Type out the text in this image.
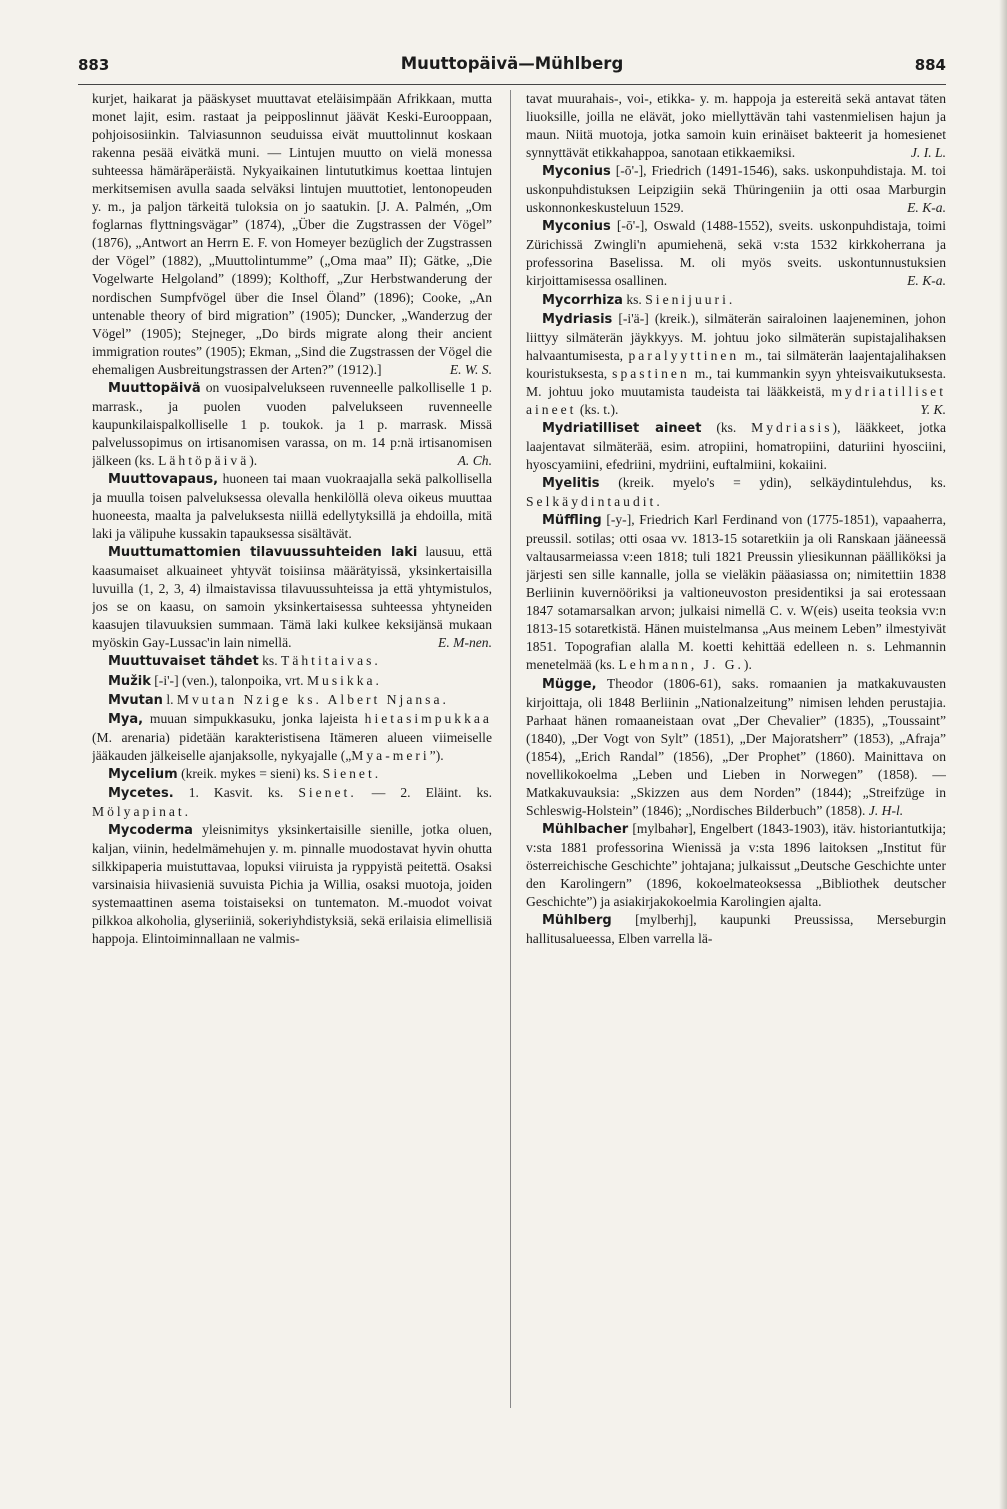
883	Muuttopäivä—Mühlberg	884

kurjet, haikarat ja pääskyset muuttavat eteläisimpään Afrikkaan, mutta monet lajit, esim. rastaat ja peipposlinnut jäävät Keski-Eurooppaan, pohjoisosiinkin. Talviasunnon seuduissa eivät muuttolinnut koskaan rakenna pesää eivätkä muni. — Lintujen muutto on vielä monessa suhteessa hämäräperäistä. Nykyaikainen lintututkimus koettaa lintujen merkitsemisen avulla saada selväksi lintujen muuttotiet, lentonopeuden y. m., ja paljon tärkeitä tuloksia on jo saatukin. [J. A. Palmén, „Om foglarnas flyttningsvägar” (1874), „Über die Zugstrassen der Vögel” (1876), „Antwort an Herrn E. F. von Homeyer bezüglich der Zugstrassen der Vögel” (1882), „Muuttolintumme” („Oma maa” II); Gätke, „Die Vogelwarte Helgoland” (1899); Kolthoff, „Zur Herbstwanderung der nordischen Sumpfvögel über die Insel Öland” (1896); Cooke, „An untenable theory of bird migration” (1905); Duncker, „Wanderzug der Vögel” (1905); Stejneger, „Do birds migrate along their ancient immigration routes” (1905); Ekman, „Sind die Zugstrassen der Vögel die ehemaligen Ausbreitungstrassen der Arten?” (1912).]	E. W. S.

Muuttopäivä on vuosipalvelukseen ruvenneelle palkolliselle 1 p. marrask., ja puolen vuoden palvelukseen ruvenneelle kaupunkilaispalkolliselle 1 p. toukok. ja 1 p. marrask. Missä palvelussopimus on irtisanomisen varassa, on m. 14 p:nä irtisanomisen jälkeen (ks. Lähtöpäivä).	A. Ch.

Muuttovapaus, huoneen tai maan vuokraajalla sekä palkollisella ja muulla toisen palveluksessa olevalla henkilöllä oleva oikeus muuttaa huoneesta, maalta ja palveluksesta niillä edellytyksillä ja ehdoilla, mitä laki ja välipuhe kussakin tapauksessa sisältävät.

Muuttumattomien tilavuussuhteiden laki lausuu, että kaasumaiset alkuaineet yhtyvät toisiinsa määrätyissä, yksinkertaisilla luvuilla (1, 2, 3, 4) ilmaistavissa tilavuussuhteissa ja että yhtymistulos, jos se on kaasu, on samoin yksinkertaisessa suhteessa yhtyneiden kaasujen tilavuuksien summaan. Tämä laki kulkee keksijänsä mukaan myöskin Gay-Lussac'in lain nimellä.	E. M-nen.

Muuttuvaiset tähdet ks. Tähtitaivas.

Mužik [-i'-] (ven.), talonpoika, vrt. Musikka.

Mvutan l. Mvutan Nzige ks. Albert Njansa.

Mya, muuan simpukkasuku, jonka lajeista hietasimpukkaa (M. arenaria) pidetään karakteristisena Itämeren alueen viimeiselle jääkauden jälkeiselle ajanjaksolle, nykyajalle („Mya-meri”).

Mycelium (kreik. mykes = sieni) ks. Sienet.

Mycetes. 1. Kasvit. ks. Sienet. — 2. Eläint. ks. Mölyapinat.

Mycoderma yleisnimitys yksinkertaisille sienille, jotka oluen, kaljan, viinin, hedelmämehujen y. m. pinnalle muodostavat hyvin ohutta silkkipaperia muistuttavaa, lopuksi viiruista ja ryppyistä peitettä. Osaksi varsinaisia hiivasieniä suvuista Pichia ja Willia, osaksi muotoja, joiden systemaattinen asema toistaiseksi on tuntematon. M.-muodot voivat pilkkoa alkoholia, glyseriiniä, sokeriyhdistyksiä, sekä erilaisia elimellisiä happoja. Elintoiminnallaan ne valmis-

tavat muurahais-, voi-, etikka- y. m. happoja ja estereitä sekä antavat täten liuoksille, joilla ne elävät, joko miellyttävän tahi vastenmielisen hajun ja maun. Niitä muotoja, jotka samoin kuin erinäiset bakteerit ja homesienet synnyttävät etikkahappoa, sanotaan etikkaemiksi.	J. I. L.

Myconius [-ō'-], Friedrich (1491-1546), saks. uskonpuhdistaja. M. toi uskonpuhdistuksen Leipzigiin sekä Thüringeniin ja otti osaa Marburgin uskonnonkeskusteluun 1529.	E. K-a.

Myconius [-ō'-], Oswald (1488-1552), sveits. uskonpuhdistaja, toimi Zürichissä Zwingli'n apumiehenä, sekä v:sta 1532 kirkkoherrana ja professorina Baselissa. M. oli myös sveits. uskontunnustuksien kirjoittamisessa osallinen.	E. K-a.

Mycorrhiza ks. Sienijuuri.

Mydriasis [-i'ä-] (kreik.), silmäterän sairaloinen laajeneminen, johon liittyy silmäterän jäykkyys. M. johtuu joko silmäterän supistajalihaksen halvaantumisesta, paralyyttinen m., tai silmäterän laajentajalihaksen kouristuksesta, spastinen m., tai kummankin syyn yhteisvaikutuksesta. M. johtuu joko muutamista taudeista tai lääkkeistä, mydriatilliset aineet (ks. t.).	Y. K.

Mydriatilliset aineet (ks. Mydriasis), lääkkeet, jotka laajentavat silmäterää, esim. atropiini, homatropiini, daturiini hyosciini, hyoscyamiini, efedriini, mydriini, euftalmiini, kokaiini.

Myelitis (kreik. myelo's = ydin), selkäydintulehdus, ks. Selkäydintaudit.

Müffling [-y-], Friedrich Karl Ferdinand von (1775-1851), vapaaherra, preussil. sotilas; otti osaa vv. 1813-15 sotaretkiin ja oli Ranskaan jääneessä valtausarmeiassa v:een 1818; tuli 1821 Preussin yliesikunnan päälliköksi ja järjesti sen sille kannalle, jolla se vieläkin pääasiassa on; nimitettiin 1838 Berliinin kuvernööriksi ja valtioneuvoston presidentiksi ja sai erotessaan 1847 sotamarsalkan arvon; julkaisi nimellä C. v. W(eis) useita teoksia vv:n 1813-15 sotaretkistä. Hänen muistelmansa „Aus meinem Leben” ilmestyivät 1851. Topografian alalla M. koetti kehittää edelleen n. s. Lehmannin menetelmää (ks. Lehmann, J. G.).

Mügge, Theodor (1806-61), saks. romaanien ja matkakuvausten kirjoittaja, oli 1848 Berliinin „Nationalzeitung” nimisen lehden perustajia. Parhaat hänen romaaneistaan ovat „Der Chevalier” (1835), „Toussaint” (1840), „Der Vogt von Sylt” (1851), „Der Majoratsherr” (1853), „Afraja” (1854), „Erich Randal” (1856), „Der Prophet” (1860). Mainittava on novellikokoelma „Leben und Lieben in Norwegen” (1858). — Matkakuvauksia: „Skizzen aus dem Norden” (1844); „Streifzüge in Schleswig-Holstein” (1846); „Nordisches Bilderbuch” (1858). J. H-l.

Mühlbacher [mylbahər], Engelbert (1843-1903), itäv. historiantutkija; v:sta 1881 professorina Wienissä ja v:sta 1896 laitoksen „Institut für österreichische Geschichte” johtajana; julkaissut „Deutsche Geschichte unter den Karolingern” (1896, kokoelmateoksessa „Bibliothek deutscher Geschichte”) ja asiakirjakokoelmia Karolingien ajalta.

Mühlberg [mylberhj], kaupunki Preussissa, Merseburgin hallitusalueessa, Elben varrella lä-
